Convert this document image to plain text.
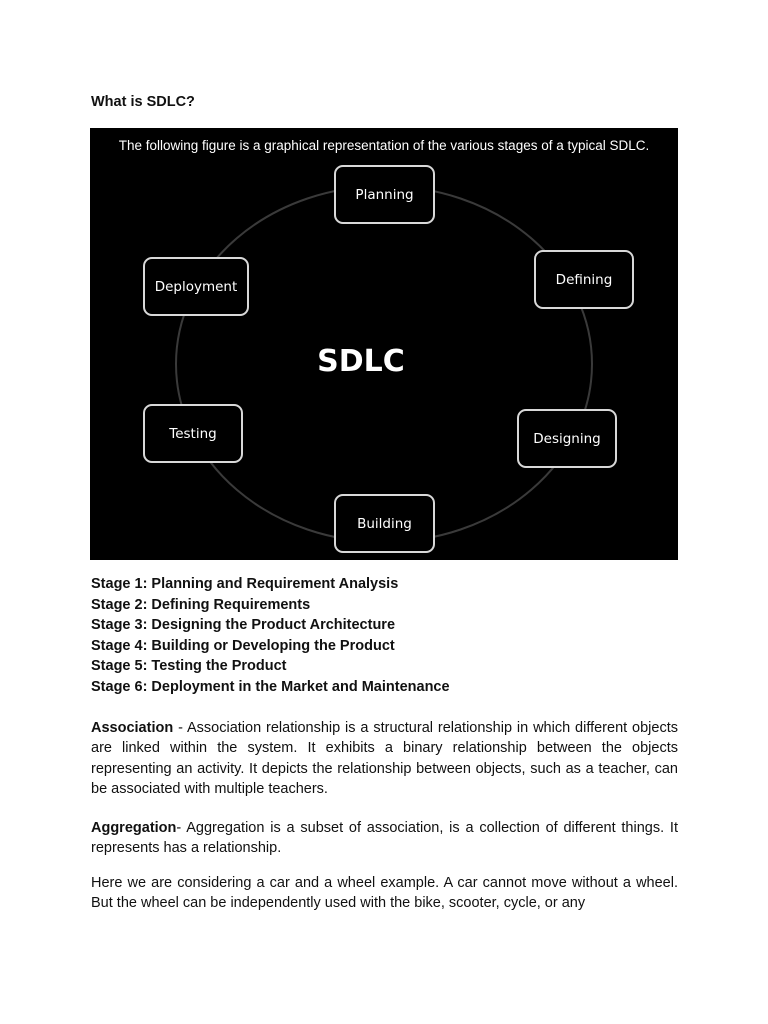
What is SDLC?
The following figure is a graphical representation of the various stages of a typical SDLC.
SDLC
Planning
Defining
Designing
Building
Testing
Deployment

Stage 1: Planning and Requirement Analysis

Stage 2: Defining Requirements

Stage 3: Designing the Product Architecture

Stage 4: Building or Developing the Product

Stage 5: Testing the Product

Stage 6: Deployment in the Market and Maintenance

Association - Association relationship is a structural relationship in which different objects are linked within the system. It exhibits a binary relationship between the objects representing an activity. It depicts the relationship between objects, such as a teacher, can be associated with multiple teachers.

Aggregation- Aggregation is a subset of association, is a collection of different things. It represents has a relationship.

Here we are considering a car and a wheel example. A car cannot move without a wheel. But the wheel can be independently used with the bike, scooter, cycle, or any
